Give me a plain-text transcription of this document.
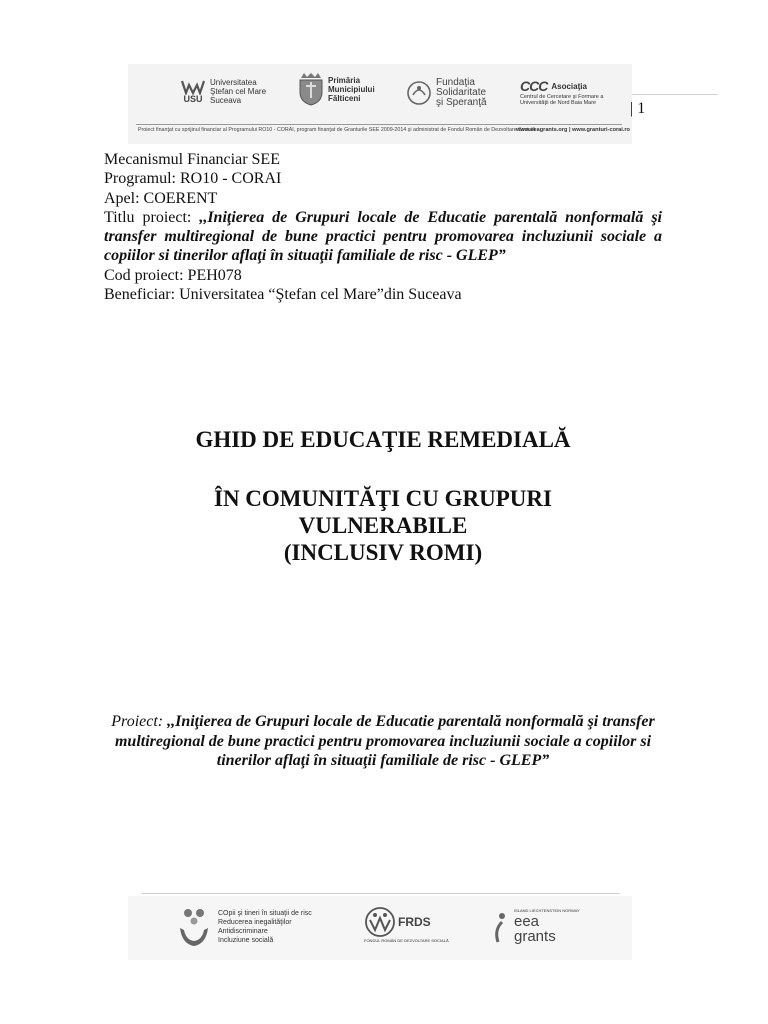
| 1
USU
Universitatea
Ştefan cel Mare
Suceava
Primăria
Municipiului
Fălticeni
Fundaţia
Solidaritate
şi Speranţă
CCC Asociaţia
Centrul de Cercetare şi Formare a
Universităţii de Nord Baia Mare
Proiect finanţat cu sprijinul financiar al Programului RO10 - CORAI, program finanţat de Granturile SEE 2009-2014 şi administrat de Fondul Român de Dezvoltare Socială
www.eeagrants.org | www.granturi-corai.ro

Mecanismul Financiar SEE

Programul: RO10 - CORAI

Apel: COERENT

Titlu proiect: ,,Iniţierea de Grupuri locale de Educatie parentală nonformală şi transfer multiregional de bune practici pentru promovarea incluziunii sociale a copiilor si tinerilor aflaţi în situaţii familiale de risc - GLEP”

Cod proiect: PEH078

Beneficiar: Universitatea “Ştefan cel Mare”din Suceava

GHID DE EDUCAŢIE REMEDIALĂ

ÎN COMUNITĂŢI CU GRUPURI

VULNERABILE

(INCLUSIV ROMI)

Proiect: ,,Iniţierea de Grupuri locale de Educatie parentală nonformală şi transfer multiregional de bune practici pentru promovarea incluziunii sociale a copiilor si tinerilor aflaţi în situaţii familiale de risc - GLEP”
COpii şi tineri în situaţii de risc
Reducerea inegalităţilor
Antidiscriminare
Incluziune socială
FRDS
FONDUL ROMÂN DE DEZVOLTARE SOCIALĂ
ISLAND LIECHTENSTEIN NORWAY
eea
grants
